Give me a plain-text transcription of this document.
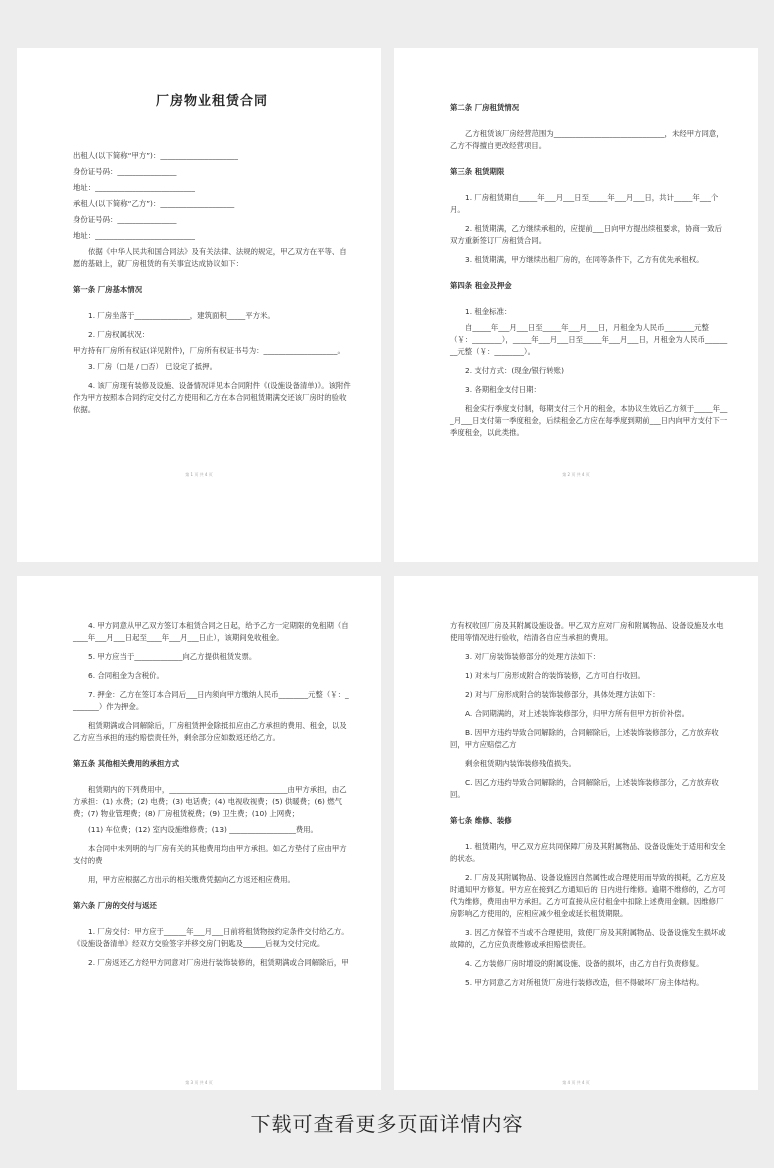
厂房物业租赁合同

出租人(以下简称“甲方”)：_____________________

身份证号码：________________

地址：___________________________

承租人(以下简称“乙方”)：____________________

身份证号码：________________

地址：___________________________

依据《中华人民共和国合同法》及有关法律、法规的规定，甲乙双方在平等、自愿的基础上，就厂房租赁的有关事宜达成协议如下：

第一条 厂房基本情况

1. 厂房坐落于_______________，建筑面积_____平方米。

2. 厂房权属状况：

甲方持有厂房所有权证(详见附件)，厂房所有权证书号为：____________________。

3. 厂房（□是 / □否） 已设定了抵押。

4. 该厂房现有装修及设施、设备情况详见本合同附件《(设施设备清单)》。该附件作为甲方按照本合同约定交付乙方使用和乙方在本合同租赁期满交还该厂房时的验收依据。

第 1 页 共 4 页

第二条 厂房租赁情况

乙方租赁该厂房经营范围为______________________________，未经甲方同意，乙方不得擅自更改经营项目。

第三条 租赁期限

1. 厂房租赁期自_____年___月___日至_____年___月___日，共计_____年___个月。

2. 租赁期满，乙方继续承租的，应提前___日向甲方提出续租要求，协商一致后双方重新签订厂房租赁合同。

3. 租赁期满，甲方继续出租厂房的，在同等条件下，乙方有优先承租权。

第四条 租金及押金

1. 租金标准：

自_____年___月___日至_____年___月___日，月租金为人民币________元整（￥：________），_____年___月___日至_____年___月___日，月租金为人民币________元整（￥：________）。

2. 支付方式：(现金/银行转账)

3. 各期租金支付日期：

租金实行季度支付制，每期支付三个月的租金，本协议生效后乙方须于_____年___月___日支付第一季度租金，后续租金乙方应在每季度到期前___日内向甲方支付下一季度租金，以此类推。

第 2 页 共 4 页

4. 甲方同意从甲乙双方签订本租赁合同之日起，给予乙方一定期限的免租期（自____年___月___日起至____年___月___日止），该期间免收租金。

5. 甲方应当于_____________向乙方提供租赁发票。

6. 合同租金为含税价。

7. 押金：乙方在签订本合同后___日内须向甲方缴纳人民币________元整（￥：________）作为押金。

租赁期满或合同解除后，厂房租赁押金除抵扣应由乙方承担的费用、租金，以及乙方应当承担的违约赔偿责任外，剩余部分应如数返还给乙方。

第五条 其他相关费用的承担方式

租赁期内的下列费用中，________________________________由甲方承担，由乙方承担：(1) 水费；(2) 电费；(3) 电话费；(4) 电视收视费；(5) 供暖费；(6) 燃气费；(7) 物业管理费；(8) 厂房租赁税费；(9) 卫生费；(10) 上网费；

(11) 车位费；(12) 室内设施维修费；(13) __________________费用。

本合同中未列明的与厂房有关的其他费用均由甲方承担。如乙方垫付了应由甲方支付的费

用，甲方应根据乙方出示的相关缴费凭据向乙方返还相应费用。

第六条 厂房的交付与返还

1. 厂房交付：甲方应于______年___月___日前将租赁物按约定条件交付给乙方。《设施设备清单》经双方交验签字并移交房门钥匙及______后视为交付完成。

2. 厂房返还乙方经甲方同意对厂房进行装饰装修的，租赁期满或合同解除后，甲

第 3 页 共 4 页

方有权收回厂房及其附属设施设备。甲乙双方应对厂房和附属物品、设备设施及水电使用等情况进行验收，结清各自应当承担的费用。

3. 对厂房装饰装修部分的处理方法如下：

1) 对未与厂房形成附合的装饰装修，乙方可自行收回。

2) 对与厂房形成附合的装饰装修部分，具体处理方法如下：

A. 合同期满的，对上述装饰装修部分，归甲方所有但甲方折价补偿。

B. 因甲方违约导致合同解除的，合同解除后，上述装饰装修部分，乙方放弃收回，甲方应赔偿乙方

剩余租赁期内装饰装修残值损失。

C. 因乙方违约导致合同解除的，合同解除后，上述装饰装修部分，乙方放弃收回。

第七条 维修、装修

1. 租赁期内，甲乙双方应共同保障厂房及其附属物品、设备设施处于适用和安全的状态。

2. 厂房及其附属物品、设备设施因自然属性或合理使用而导致的损耗，乙方应及时通知甲方修复。甲方应在接到乙方通知后的 日内进行维修。逾期不维修的，乙方可代为维修，费用由甲方承担。乙方可直接从应付租金中扣除上述费用金额。因维修厂房影响乙方使用的，应相应减少租金或延长租赁期限。

3. 因乙方保管不当或不合理使用，致使厂房及其附属物品、设备设施发生损坏或故障的，乙方应负责维修或承担赔偿责任。

4. 乙方装修厂房时增设的附属设施、设备的损坏，由乙方自行负责修复。

5. 甲方同意乙方对所租赁厂房进行装修改造，但不得破坏厂房主体结构。

第 4 页 共 4 页
下载可查看更多页面详情内容
